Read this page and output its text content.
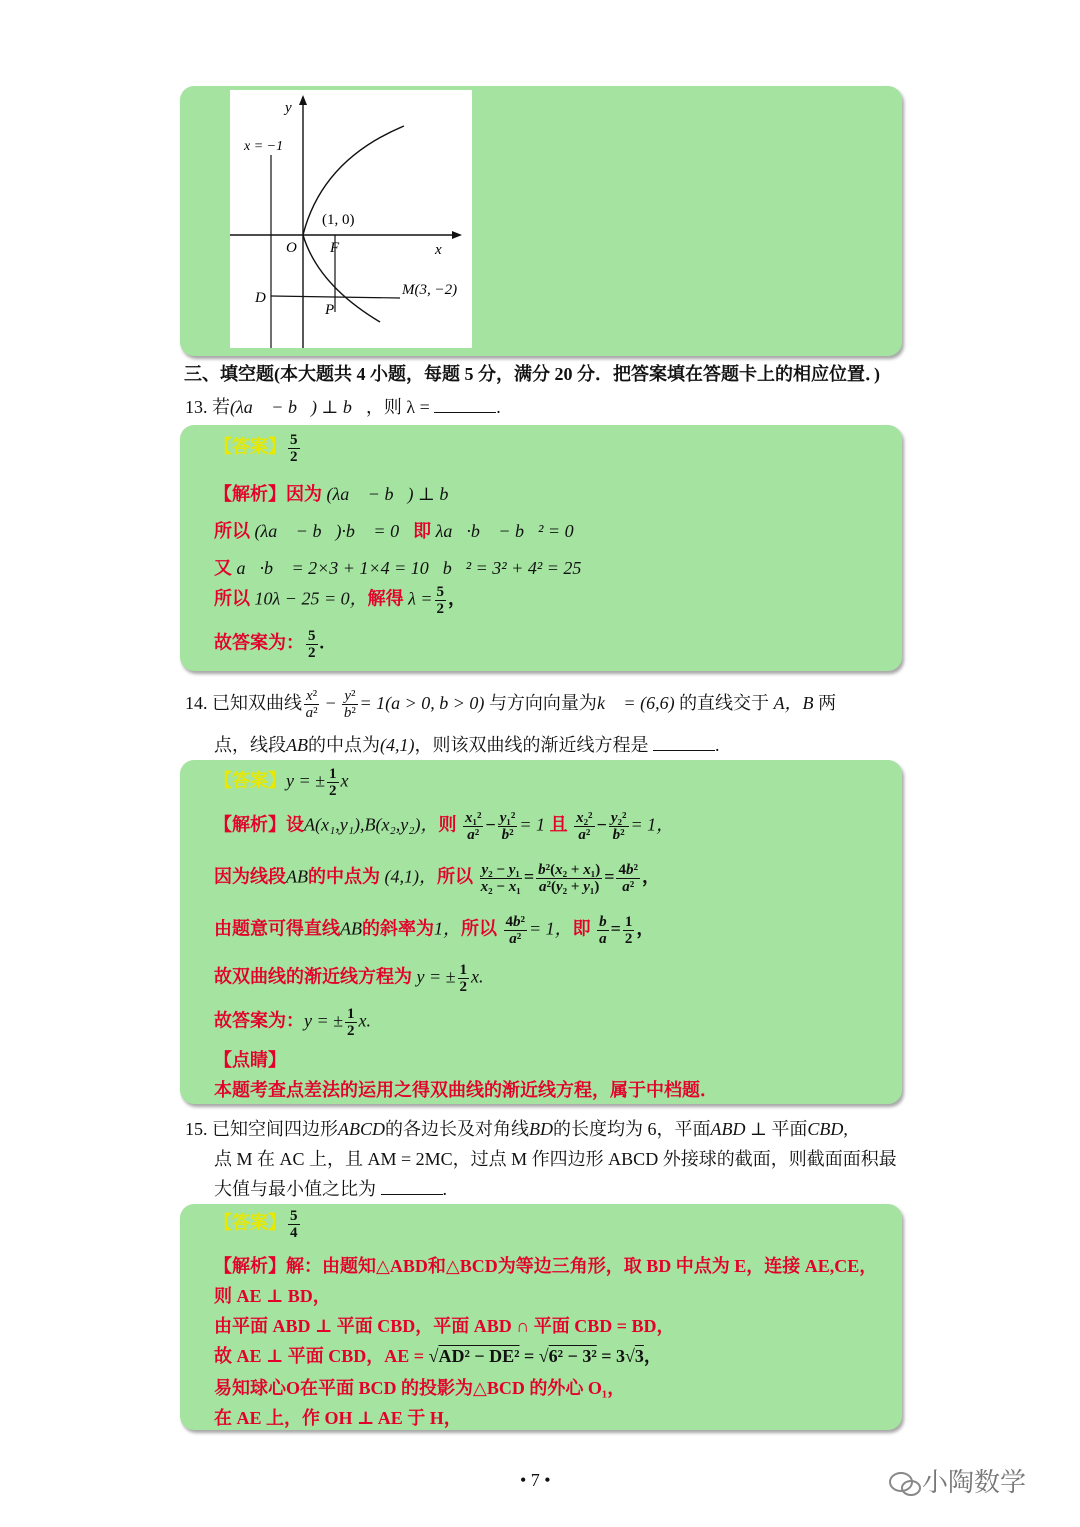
y
x
x = −1
O F
(1, 0)
D
P
M(3, −2)
三、填空题(本大题共 4 小题，每题 5 分，满分 20 分．把答案填在答题卡上的相应位置．)
13. 若(λa⃗ − b⃗) ⊥ b⃗，则 λ =	.
【答案】 $\frac{5}{2}$
【解析】因为 (λa⃗ − b⃗) ⊥ b⃗，
所以 (λa⃗ − b⃗)·b⃗ = 0，即 λa⃗·b⃗ − b⃗² = 0，
又 a⃗·b⃗ = 2×3 + 1×4 = 10，b⃗² = 3² + 4² = 25，
所以 10λ − 25 = 0，解得 $\lambda = \frac{5}{2}$ ，
故答案为： $\frac{5}{2}$ .
14. 已知双曲线 $\frac{\text{x²}}{\text{a²}} - \frac{\text{y²}}{\text{b²}} = 1(a > 0$, b > 0) 与方向向量为k⃗ = (6,6) 的直线交于 A，B 两
点，线段AB的中点为(4,1)，则该双曲线的渐近线方程是	.
【答案】y = ± $\frac{1}{2}$ x
【解析】设A(x₁,y₁),B(x₂,y₂)，则 $\frac{\text{x₁²}}{\text{a²}} - \frac{\text{y₁²}}{\text{b²}} = 1$ 且 $\frac{\text{x₂²}}{\text{a²}} - \frac{\text{y₂²}}{\text{b²}} = 1$，
因为线段AB的中点为 (4,1)，所以 $\frac{\text{y₂ − y₁}}{\text{x₂ − x₁}} = \frac{\text{b²(x₂ + x₁)}}{\text{a²(y₂ + y₁)}} = \frac{\text{4b²}}{\text{a²}}$ ，
由题意可得直线AB的斜率为1，所以 $\frac{\text{4b²}}{\text{a²}} = 1$，即 $\frac{b}{a} = \frac{1}{2}$ ，
故双曲线的渐近线方程为 y = ± $\frac{1}{2} x$.
故答案为：y = ± $\frac{1}{2} x$.
【点睛】
本题考查点差法的运用之得双曲线的渐近线方程，属于中档题．
15. 已知空间四边形ABCD的各边长及对角线BD的长度均为 6，平面ABD ⊥ 平面CBD,
点 M 在 AC 上，且 AM = 2MC，过点 M 作四边形 ABCD 外接球的截面，则截面面积最
大值与最小值之比为	.
【答案】 $\frac{5}{4}$
【解析】解：由题知△ABD和△BCD为等边三角形，取 BD 中点为 E，连接 AE,CE，
则 AE ⊥ BD，
由平面 ABD ⊥ 平面 CBD，平面 ABD ∩ 平面 CBD = BD，
故 AE ⊥ 平面 CBD，AE = √AD² − DE² = √6² − 3² = 3√3，
易知球心O在平面 BCD 的投影为△BCD 的外心 O₁，
在 AE 上，作 OH ⊥ AE 于 H，
• 7 •	小陶数学
